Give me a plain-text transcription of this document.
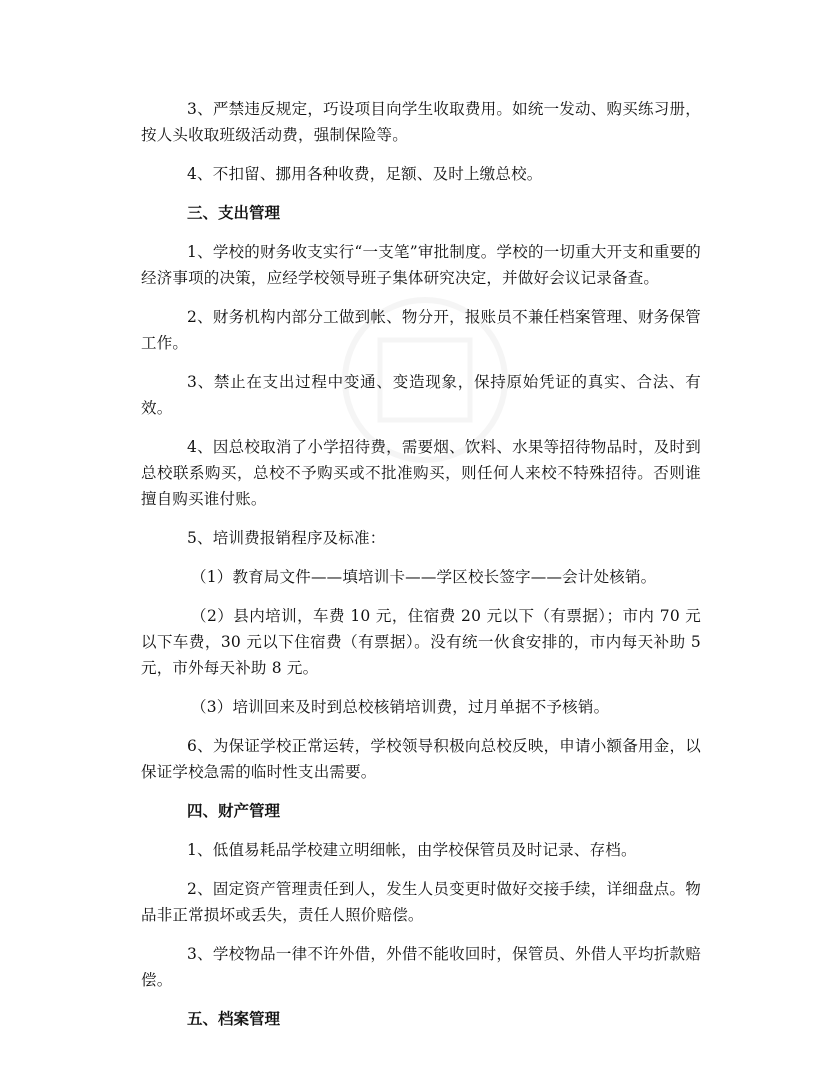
3、严禁违反规定，巧设项目向学生收取费用。如统一发动、购买练习册，按人头收取班级活动费，强制保险等。

4、不扣留、挪用各种收费，足额、及时上缴总校。

三、支出管理

1、学校的财务收支实行“一支笔”审批制度。学校的一切重大开支和重要的经济事项的决策，应经学校领导班子集体研究决定，并做好会议记录备查。

2、财务机构内部分工做到帐、物分开，报账员不兼任档案管理、财务保管工作。

3、禁止在支出过程中变通、变造现象，保持原始凭证的真实、合法、有效。

4、因总校取消了小学招待费，需要烟、饮料、水果等招待物品时，及时到总校联系购买，总校不予购买或不批准购买，则任何人来校不特殊招待。否则谁擅自购买谁付账。

5、培训费报销程序及标准：

（1）教育局文件——填培训卡——学区校长签字——会计处核销。

（2）县内培训，车费 10 元，住宿费 20 元以下（有票据）；市内 70 元以下车费，30 元以下住宿费（有票据）。没有统一伙食安排的，市内每天补助 5 元，市外每天补助 8 元。

（3）培训回来及时到总校核销培训费，过月单据不予核销。

6、为保证学校正常运转，学校领导积极向总校反映，申请小额备用金，以保证学校急需的临时性支出需要。

四、财产管理

1、低值易耗品学校建立明细帐，由学校保管员及时记录、存档。

2、固定资产管理责任到人，发生人员变更时做好交接手续，详细盘点。物品非正常损坏或丢失，责任人照价赔偿。

3、学校物品一律不许外借，外借不能收回时，保管员、外借人平均折款赔偿。

五、档案管理
